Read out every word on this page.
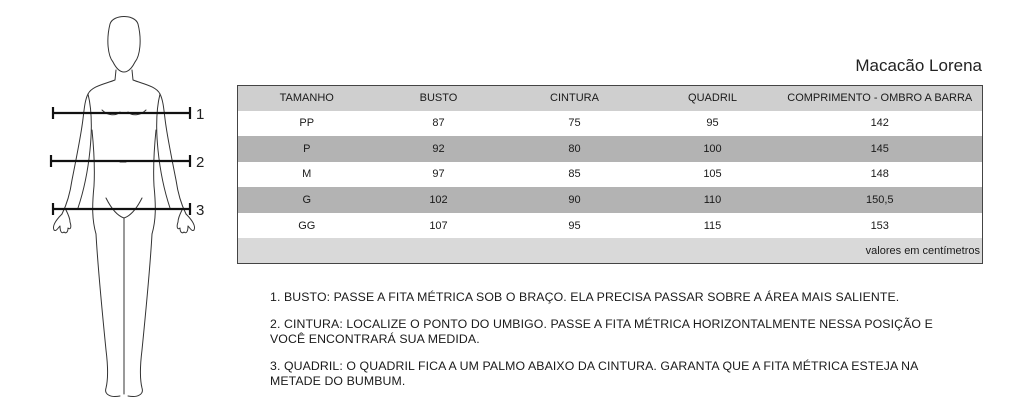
1
2
3
Macacão Lorena
TAMANHO	BUSTO	CINTURA	QUADRIL	COMPRIMENTO - OMBRO A BARRA
PP	87	75	95	142
P	92	80	100	145
M	97	85	105	148
G	102	90	110	150,5
GG	107	95	115	153
valores em centímetros				

1. BUSTO: PASSE A FITA MÉTRICA SOB O BRAÇO. ELA PRECISA PASSAR SOBRE A ÁREA MAIS SALIENTE.

2. CINTURA: LOCALIZE O PONTO DO UMBIGO. PASSE A FITA MÉTRICA HORIZONTALMENTE NESSA POSIÇÃO E VOCÊ ENCONTRARÁ SUA MEDIDA.

3. QUADRIL: O QUADRIL FICA A UM PALMO ABAIXO DA CINTURA. GARANTA QUE A FITA MÉTRICA ESTEJA NA METADE DO BUMBUM.
